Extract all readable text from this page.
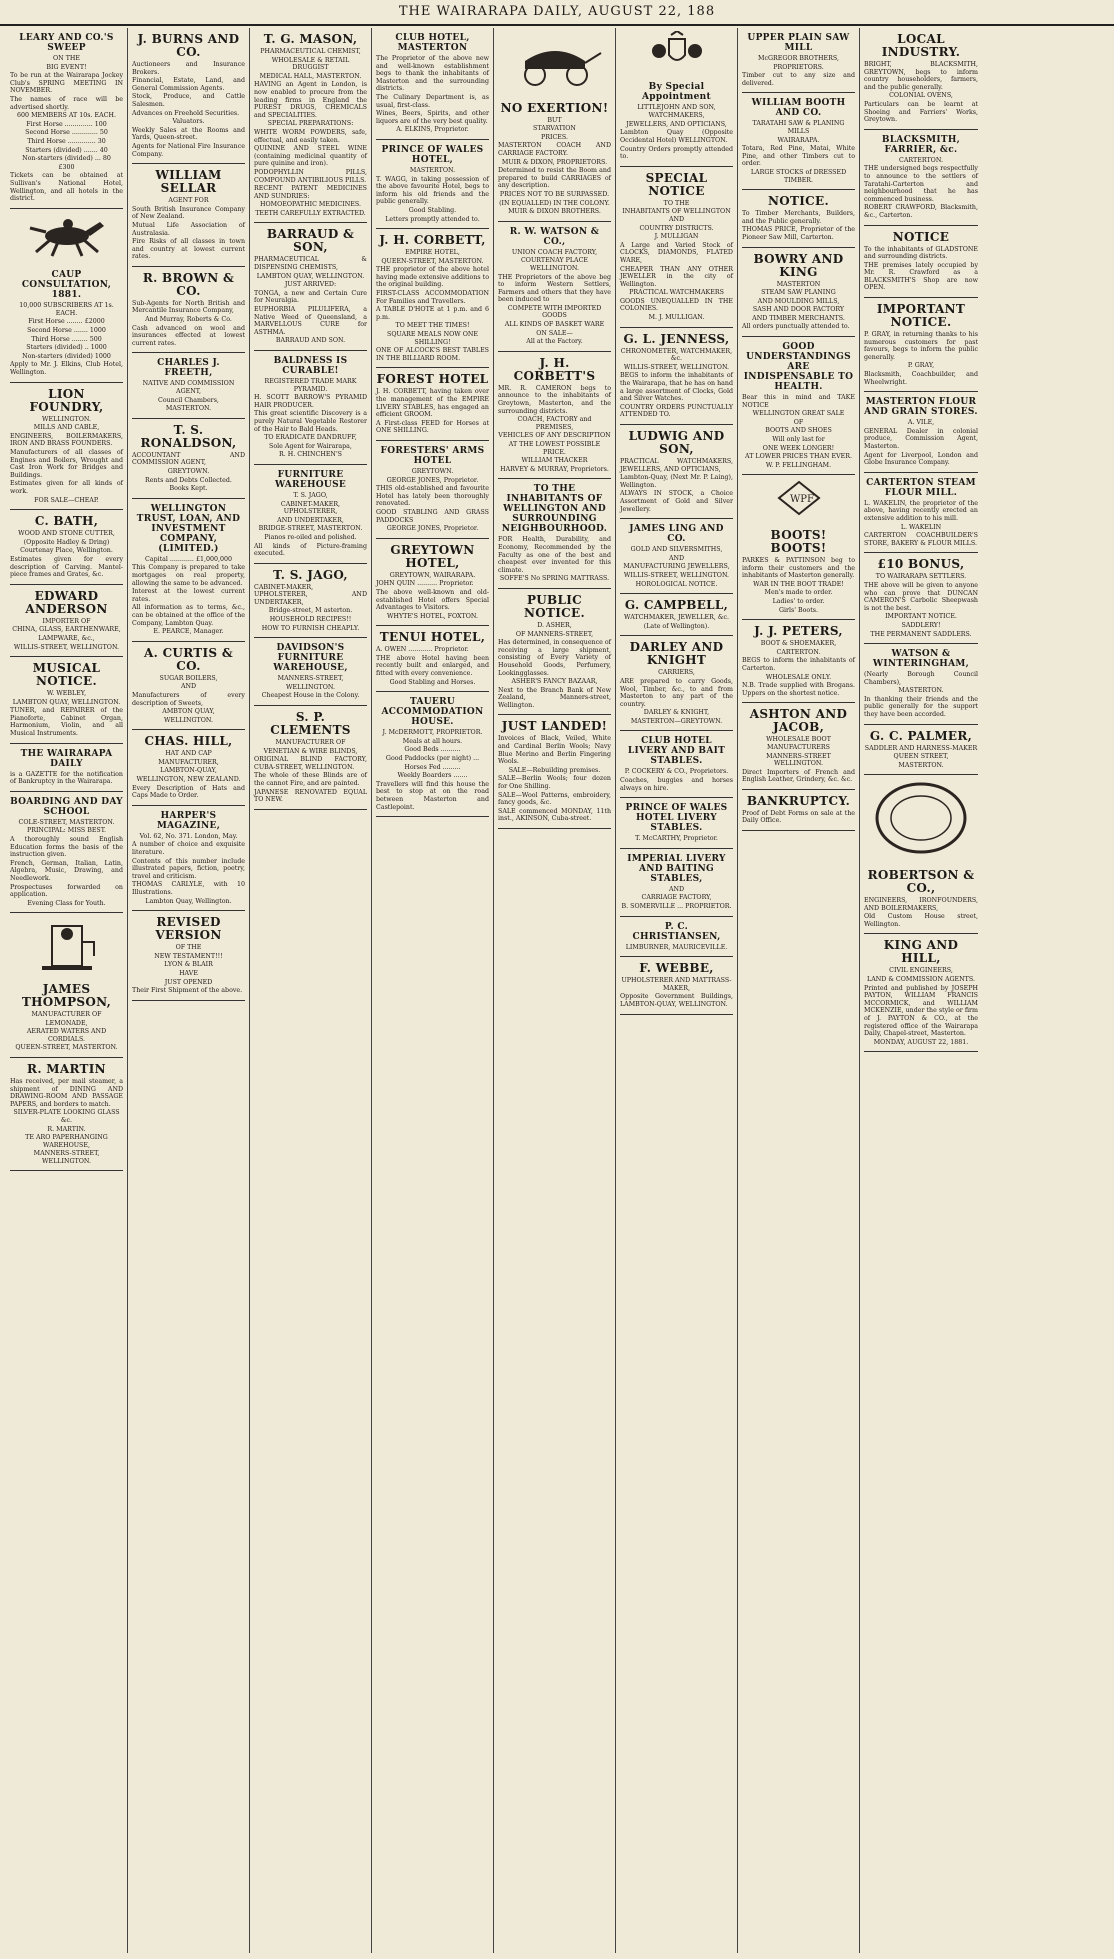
THE WAIRARAPA DAILY, AUGUST 22, 188
LEARY AND CO.'S SWEEP
ON THE
BIG EVENT!
To be run at the Wairarapa Jockey Club's SPRING MEETING IN NOVEMBER.
The names of race will be advertised shortly.
600 MEMBERS AT 10s. EACH.
First Horse .............. 100
Second Horse ............. 50
Third Horse .............. 30
Starters (divided) ....... 40
Non-starters (divided) ... 80
£300
Tickets can be obtained at Sullivan's National Hotel, Wellington, and all hotels in the district.
CAUP CONSULTATION, 1881.
10,000 SUBSCRIBERS AT 1s. EACH.
First Horse ........ £2000
Second Horse ....... 1000
Third Horse ........ 500
Starters (divided) .. 1000
Non-starters (divided) 1000
Apply to Mr. J. Elkins, Club Hotel, Wellington.
LION FOUNDRY,
WELLINGTON.
MILLS AND CABLE,
ENGINEERS, BOILERMAKERS, IRON AND BRASS FOUNDERS.
Manufacturers of all classes of Engines and Boilers, Wrought and Cast Iron Work for Bridges and Buildings.
Estimates given for all kinds of work.
FOR SALE—CHEAP.
C. BATH,
WOOD AND STONE CUTTER,
(Opposite Hadley & Dring)
Courtenay Place, Wellington.
Estimates given for every description of Carving. Mantel-piece frames and Grates, &c.
EDWARD ANDERSON
IMPORTER OF
CHINA, GLASS, EARTHENWARE,
LAMPWARE, &c.,
WILLIS-STREET, WELLINGTON.
MUSICAL NOTICE.
W. WEBLEY,
LAMBTON QUAY, WELLINGTON.
TUNER, and REPAIRER of the Pianoforte, Cabinet Organ, Harmonium, Violin, and all Musical Instruments.
THE WAIRARAPA DAILY
is a GAZETTE for the notification of Bankruptcy in the Wairarapa.
BOARDING AND DAY SCHOOL
COLE-STREET, MASTERTON.
PRINCIPAL: MISS BEST.
A thoroughly sound English Education forms the basis of the instruction given.
French, German, Italian, Latin, Algebra, Music, Drawing, and Needlework.
Prospectuses forwarded on application.
Evening Class for Youth.
JAMES THOMPSON,
MANUFACTURER OF
LEMONADE,
AERATED WATERS AND CORDIALS.
QUEEN-STREET, MASTERTON.
R. MARTIN
Has received, per mail steamer, a shipment of DINING AND DRAWING-ROOM AND PASSAGE PAPERS, and borders to match.
SILVER-PLATE LOOKING GLASS &c.
R. MARTIN.
TE ARO PAPERHANGING WAREHOUSE,
MANNERS-STREET, WELLINGTON.
J. BURNS AND CO.
Auctioneers and Insurance Brokers.
Financial, Estate, Land, and General Commission Agents.
Stock, Produce, and Cattle Salesmen.
Advances on Freehold Securities.
Valuators.
Weekly Sales at the Rooms and Yards, Queen-street.
Agents for National Fire Insurance Company.
WILLIAM SELLAR
AGENT FOR
South British Insurance Company of New Zealand.
Mutual Life Association of Australasia.
Fire Risks of all classes in town and country at lowest current rates.
R. BROWN & CO.
Sub-Agents for North British and Mercantile Insurance Company,
And Murray, Roberts & Co.
Cash advanced on wool and insurances effected at lowest current rates.
CHARLES J. FREETH,
NATIVE AND COMMISSION AGENT,
Council Chambers,
MASTERTON.
T. S. RONALDSON,
ACCOUNTANT AND COMMISSION AGENT,
GREYTOWN.
Rents and Debts Collected.
Books Kept.
WELLINGTON TRUST, LOAN, AND INVESTMENT COMPANY, (LIMITED.)
Capital ............ £1,000,000
This Company is prepared to take mortgages on real property, allowing the same to be advanced.
Interest at the lowest current rates.
All information as to terms, &c., can be obtained at the office of the Company, Lambton Quay.
E. PEARCE, Manager.
A. CURTIS & CO.
SUGAR BOILERS,
AND
Manufacturers of every description of Sweets,
AMBTON QUAY,
WELLINGTON.
CHAS. HILL,
HAT AND CAP
MANUFACTURER,
LAMBTON-QUAY,
WELLINGTON, NEW ZEALAND.
Every Description of Hats and Caps Made to Order.
HARPER'S MAGAZINE,
Vol. 62, No. 371. London, May.
A number of choice and exquisite literature.
Contents of this number include illustrated papers, fiction, poetry, travel and criticism.
THOMAS CARLYLE, with 10 Illustrations.
Lambton Quay, Wellington.
REVISED VERSION
OF THE
NEW TESTAMENT!!!
LYON & BLAIR
HAVE
JUST OPENED
Their First Shipment of the above.
T. G. MASON,
PHARMACEUTICAL CHEMIST,
WHOLESALE & RETAIL DRUGGIST
MEDICAL HALL, MASTERTON.
HAVING an Agent in London, is now enabled to procure from the leading firms in England the PUREST DRUGS, CHEMICALS and SPECIALITIES.
SPECIAL PREPARATIONS:
WHITE WORM POWDERS, safe, effectual, and easily taken.
QUININE AND STEEL WINE (containing medicinal quantity of pure quinine and iron).
PODOPHYLLIN PILLS, COMPOUND ANTIBILIOUS PILLS.
RECENT PATENT MEDICINES AND SUNDRIES:
HOMOEOPATHIC MEDICINES.
TEETH CAREFULLY EXTRACTED.
BARRAUD & SON,
PHARMACEUTICAL & DISPENSING CHEMISTS,
LAMBTON QUAY, WELLINGTON.
JUST ARRIVED:
TONGA, a new and Certain Cure for Neuralgia.
EUPHORBIA PILULIFERA, a Native Weed of Queensland, a MARVELLOUS CURE for ASTHMA.
BARRAUD AND SON.
BALDNESS IS CURABLE!
REGISTERED TRADE MARK PYRAMID.
H. SCOTT BARROW'S PYRAMID HAIR PRODUCER.
This great scientific Discovery is a purely Natural Vegetable Restorer of the Hair to Bald Heads.
TO ERADICATE DANDRUFF,
Sole Agent for Wairarapa,
R. H. CHINCHEN'S
FURNITURE WAREHOUSE
T. S. JAGO,
CABINET-MAKER, UPHOLSTERER,
AND UNDERTAKER,
BRIDGE-STREET, MASTERTON.
Pianos re-oiled and polished.
All kinds of Picture-framing executed.
T. S. JAGO,
CABINET-MAKER, UPHOLSTERER, AND UNDERTAKER,
Bridge-street, M asterton.
HOUSEHOLD RECIPES!!
HOW TO FURNISH CHEAPLY.
DAVIDSON'S FURNITURE WAREHOUSE,
MANNERS-STREET,
WELLINGTON.
Cheapest House in the Colony.
S. P. CLEMENTS
MANUFACTURER OF
VENETIAN & WIRE BLINDS,
ORIGINAL BLIND FACTORY, CUBA-STREET, WELLINGTON.
The whole of these Blinds are of the cannot Fire, and are painted.
JAPANESE RENOVATED EQUAL TO NEW.
CLUB HOTEL, MASTERTON
The Proprietor of the above new and well-known establishment begs to thank the inhabitants of Masterton and the surrounding districts.
The Culinary Department is, as usual, first-class.
Wines, Beers, Spirits, and other liquors are of the very best quality.
A. ELKINS, Proprietor.
PRINCE OF WALES HOTEL,
MASTERTON.
T. WAGG, in taking possession of the above favourite Hotel, begs to inform his old friends and the public generally.
Good Stabling.
Letters promptly attended to.
J. H. CORBETT,
EMPIRE HOTEL,
QUEEN-STREET, MASTERTON.
THE proprietor of the above hotel having made extensive additions to the original building.
FIRST-CLASS ACCOMMODATION For Families and Travellers.
A TABLE D'HOTE at 1 p.m. and 6 p.m.
TO MEET THE TIMES!
SQUARE MEALS NOW ONE SHILLING!
ONE OF ALCOCK'S BEST TABLES IN THE BILLIARD ROOM.
FOREST HOTEL
J. H. CORBETT, having taken over the management of the EMPIRE LIVERY STABLES, has engaged an efficient GROOM.
A First-class FEED for Horses at ONE SHILLING.
FORESTERS' ARMS HOTEL
GREYTOWN.
GEORGE JONES, Proprietor.
THIS old-established and favourite Hotel has lately been thoroughly renovated.
GOOD STABLING AND GRASS PADDOCKS
GEORGE JONES, Proprietor.
GREYTOWN HOTEL,
GREYTOWN, WAIRARAPA.
JOHN QUIN .......... Proprietor.
The above well-known and old-established Hotel offers Special Advantages to Visitors.
WHYTE'S HOTEL, FOXTON.
TENUI HOTEL,
A. OWEN ............ Proprietor.
THE above Hotel having been recently built and enlarged, and fitted with every convenience.
Good Stabling and Horses.
TAUERU ACCOMMODATION HOUSE.
J. McDERMOTT, PROPRIETOR.
Meals at all hours.
Good Beds ..........
Good Paddocks (per night) ...
Horses Fed .........
Weekly Boarders .......
Travellers will find this house the best to stop at on the road between Masterton and Castlepoint.
NO EXERTION!
BUT
STARVATION
PRICES.
MASTERTON COACH AND CARRIAGE FACTORY.
MUIR & DIXON, PROPRIETORS.
Determined to resist the Boom and prepared to build CARRIAGES of any description.
PRICES NOT TO BE SURPASSED.
(IN EQUALLED) IN THE COLONY.
MUIR & DIXON BROTHERS.
R. W. WATSON & CO.,
UNION COACH FACTORY,
COURTENAY PLACE WELLINGTON.
THE Proprietors of the above beg to inform Western Settlers, Farmers and others that they have been induced to
COMPETE WITH IMPORTED GOODS
ALL KINDS OF BASKET WARE
ON SALE—
All at the Factory.
J. H. CORBETT'S
MR. R. CAMERON begs to announce to the inhabitants of Greytown, Masterton, and the surrounding districts.
COACH, FACTORY and PREMISES,
VEHICLES OF ANY DESCRIPTION
AT THE LOWEST POSSIBLE PRICE.
WILLIAM THACKER
HARVEY & MURRAY, Proprietors.
TO THE INHABITANTS OF WELLINGTON AND SURROUNDING NEIGHBOURHOOD.
FOR Health, Durability, and Economy, Recommended by the Faculty as one of the best and cheapest ever invented for this climate.
SOFFE'S No SPRING MATTRASS.
PUBLIC NOTICE.
D. ASHER,
OF MANNERS-STREET,
Has determined, in consequence of receiving a large shipment, consisting of Every Variety of Household Goods, Perfumery, Lookingglasses.
ASHER'S FANCY BAZAAR,
Next to the Branch Bank of New Zealand, Manners-street, Wellington.
JUST LANDED!
Invoices of Black, Veiled, White and Cardinal Berlin Wools; Navy Blue Merino and Berlin Fingering Wools.
SALE—Rebuilding premises.
SALE—Berlin Wools; four dozen for One Shilling.
SALE—Wool Patterns, embroidery, fancy goods, &c.
SALE commenced MONDAY, 11th inst., AKINSON, Cuba-street.
By Special Appointment
LITTLEJOHN AND SON,
WATCHMAKERS,
JEWELLERS, AND OPTICIANS,
Lambton Quay (Opposite Occidental Hotel) WELLINGTON.
Country Orders promptly attended to.
SPECIAL NOTICE
TO THE
INHABITANTS OF WELLINGTON AND
COUNTRY DISTRICTS.
J. MULLIGAN
A Large and Varied Stock of CLOCKS, DIAMONDS, FLATED WARE,
CHEAPER THAN ANY OTHER JEWELLER in the city of Wellington.
PRACTICAL WATCHMAKERS
GOODS UNEQUALLED IN THE COLONIES.
M. J. MULLIGAN.
G. L. JENNESS,
CHRONOMETER, WATCHMAKER, &c.
WILLIS-STREET, WELLINGTON.
BEGS to inform the inhabitants of the Wairarapa, that he has on hand a large assortment of Clocks, Gold and Silver Watches.
COUNTRY ORDERS PUNCTUALLY ATTENDED TO.
LUDWIG AND SON,
PRACTICAL WATCHMAKERS, JEWELLERS, AND OPTICIANS,
Lambton-Quay, (Next Mr. P. Laing), Wellington.
ALWAYS IN STOCK, a Choice Assortment of Gold and Silver Jewellery.
JAMES LING AND CO.
GOLD AND SILVERSMITHS,
AND
MANUFACTURING JEWELLERS,
WILLIS-STREET, WELLINGTON.
HOROLOGICAL NOTICE.
G. CAMPBELL,
WATCHMAKER, JEWELLER, &c.
(Late of Wellington).
DARLEY AND KNIGHT
CARRIERS,
ARE prepared to carry Goods, Wool, Timber, &c., to and from Masterton to any part of the country.
DARLEY & KNIGHT,
MASTERTON—GREYTOWN.
CLUB HOTEL LIVERY AND BAIT STABLES.
P. COCKERY & CO., Proprietors.
Coaches, buggies and horses always on hire.
PRINCE OF WALES HOTEL LIVERY STABLES.
T. McCARTHY, Proprietor.
IMPERIAL LIVERY AND BAITING STABLES,
AND
CARRIAGE FACTORY,
B. SOMERVILLE ... PROPRIETOR.
P. C. CHRISTIANSEN,
LIMBURNER, MAURICEVILLE.
F. WEBBE,
UPHOLSTERER AND MATTRASS-MAKER,
Opposite Government Buildings, LAMBTON-QUAY, WELLINGTON.
UPPER PLAIN SAW MILL
McGREGOR BROTHERS,
PROPRIETORS.
Timber cut to any size and delivered.
WILLIAM BOOTH AND CO.
TARATAHI SAW & PLANING MILLS
WAIRARAPA.
Totara, Red Pine, Matai, White Pine, and other Timbers cut to order.
LARGE STOCKS of DRESSED TIMBER.
NOTICE.
To Timber Merchants, Builders, and the Public generally.
THOMAS PRICE, Proprietor of the Pioneer Saw Mill, Carterton.
BOWRY AND KING
MASTERTON
STEAM SAW PLANING
AND MOULDING MILLS,
SASH AND DOOR FACTORY
AND TIMBER MERCHANTS.
All orders punctually attended to.
GOOD UNDERSTANDINGS ARE INDISPENSABLE TO HEALTH.
Bear this in mind and TAKE NOTICE
WELLINGTON GREAT SALE
OF
BOOTS AND SHOES
Will only last for
ONE WEEK LONGER!
AT LOWER PRICES THAN EVER.
W. P. FELLINGHAM.
WPF
BOOTS! BOOTS!
PARKES & PATTINSON beg to inform their customers and the inhabitants of Masterton generally.
WAR IN THE BOOT TRADE!
Men's made to order.
Ladies' to order.
Girls' Boots.
J. J. PETERS,
BOOT & SHOEMAKER,
CARTERTON.
BEGS to inform the inhabitants of Carterton.
WHOLESALE ONLY.
N.B. Trade supplied with Brogans. Uppers on the shortest notice.
ASHTON AND JACOB,
WHOLESALE BOOT MANUFACTURERS
MANNERS-STREET WELLINGTON.
Direct Importers of French and English Leather, Grindery, &c. &c.
BANKRUPTCY.
Proof of Debt Forms on sale at the Daily Office.
LOCAL INDUSTRY.
BRIGHT, BLACKSMITH, GREYTOWN, begs to inform country householders, farmers, and the public generally.
COLONIAL OVENS,
Particulars can be learnt at Shoeing and Farriers' Works, Greytown.
BLACKSMITH, FARRIER, &c.
CARTERTON.
THE undersigned begs respectfully to announce to the settlers of Taratahi-Carterton and neighbourhood that he has commenced business.
ROBERT CRAWFORD, Blacksmith, &c., Carterton.
NOTICE
To the inhabitants of GLADSTONE and surrounding districts.
THE premises lately occupied by Mr. R. Crawford as a BLACKSMITH'S Shop are now OPEN.
IMPORTANT NOTICE.
P. GRAY, in returning thanks to his numerous customers for past favours, begs to inform the public generally.
P. GRAY,
Blacksmith, Coachbuilder, and Wheelwright.
MASTERTON FLOUR AND GRAIN STORES.
A. VILE,
GENERAL Dealer in colonial produce, Commission Agent, Masterton.
Agent for Liverpool, London and Globe Insurance Company.
CARTERTON STEAM FLOUR MILL.
L. WAKELIN, the proprietor of the above, having recently erected an extensive addition to his mill.
L. WAKELIN
CARTERTON COACHBUILDER'S STORE, BAKERY & FLOUR MILLS.
£10 BONUS,
TO WAIRARAPA SETTLERS.
THE above will be given to anyone who can prove that DUNCAN CAMERON'S Carbolic Sheepwash is not the best.
IMPORTANT NOTICE.
SADDLERY!
THE PERMANENT SADDLERS.
WATSON & WINTERINGHAM,
(Nearly Borough Council Chambers),
MASTERTON.
In thanking their friends and the public generally for the support they have been accorded.
G. C. PALMER,
SADDLER AND HARNESS-MAKER
QUEEN STREET,
MASTERTON.
ROBERTSON & CO.,
ENGINEERS, IRONFOUNDERS, AND BOILERMAKERS,
Old Custom House street, Wellington.
KING AND HILL,
CIVIL ENGINEERS,
LAND & COMMISSION AGENTS.
Printed and published by JOSEPH PAYTON, WILLIAM FRANCIS MCCORMICK, and WILLIAM MCKENZIE, under the style or firm of J. PAYTON & CO., at the registered office of the Wairarapa Daily, Chapel-street, Masterton.
MONDAY, AUGUST 22, 1881.
